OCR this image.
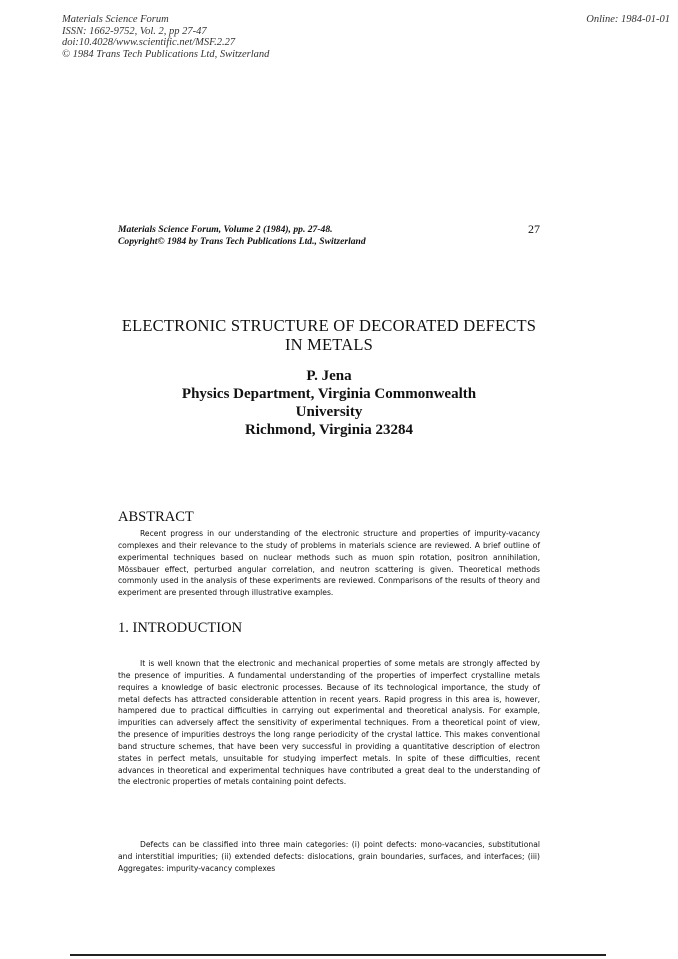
Materials Science Forum
ISSN: 1662-9752, Vol. 2, pp 27-47
doi:10.4028/www.scientific.net/MSF.2.27
© 1984 Trans Tech Publications Ltd, Switzerland
Online: 1984-01-01
Materials Science Forum, Volume 2 (1984), pp. 27-48.
Copyright© 1984 by Trans Tech Publications Ltd., Switzerland
27
ELECTRONIC STRUCTURE OF DECORATED DEFECTS IN METALS
P. Jena
Physics Department, Virginia Commonwealth
University
Richmond, Virginia 23284
ABSTRACT

Recent progress in our understanding of the electronic structure and properties of impurity-vacancy complexes and their relevance to the study of problems in materials science are reviewed. A brief outline of experimental techniques based on nuclear methods such as muon spin rotation, positron annihilation, Mössbauer effect, perturbed angular correlation, and neutron scattering is given. Theoretical methods commonly used in the analysis of these experiments are reviewed. Conmparisons of the results of theory and experiment are presented through illustrative examples.

1. INTRODUCTION

It is well known that the electronic and mechanical properties of some metals are strongly affected by the presence of impurities. A fundamental understanding of the properties of imperfect crystalline metals requires a knowledge of basic electronic processes. Because of its technological importance, the study of metal defects has attracted considerable attention in recent years. Rapid progress in this area is, however, hampered due to practical difficulties in carrying out experimental and theoretical analysis. For example, impurities can adversely affect the sensitivity of experimental techniques. From a theoretical point of view, the presence of impurities destroys the long range periodicity of the crystal lattice. This makes conventional band structure schemes, that have been very successful in providing a quantitative description of electron states in perfect metals, unsuitable for studying imperfect metals. In spite of these difficulties, recent advances in theoretical and experimental techniques have contributed a great deal to the understanding of the electronic properties of metals containing point defects.

Defects can be classified into three main categories: (i) point defects: mono-vacancies, substitutional and interstitial impurities; (ii) extended defects: dislocations, grain boundaries, surfaces, and interfaces; (iii) Aggregates: impurity-vacancy complexes
